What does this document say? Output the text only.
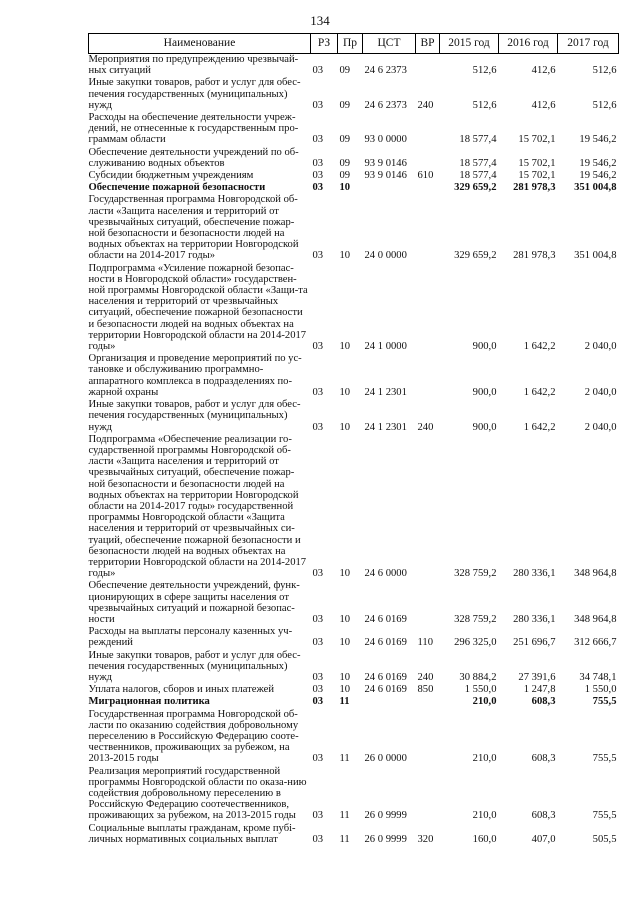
134
Наименование	РЗ	Пр	ЦСТ	ВР	2015 год	2016 год	2017 год
Мероприятия по предупреждению чрезвычай-ных ситуаций	03	09	24 6 2373		512,6	412,6	512,6
Иные закупки товаров, работ и услуг для обес-печения государственных (муниципальных) нужд	03	09	24 6 2373	240	512,6	412,6	512,6
Расходы на обеспечение деятельности учреж-дений, не отнесенные к государственным про-граммам области	03	09	93 0 0000		18 577,4	15 702,1	19 546,2
Обеспечение деятельности учреждений по об-служиванию водных объектов	03	09	93 9 0146		18 577,4	15 702,1	19 546,2
Субсидии бюджетным учреждениям	03	09	93 9 0146	610	18 577,4	15 702,1	19 546,2
Обеспечение пожарной безопасности	03	10			329 659,2	281 978,3	351 004,8
Государственная программа Новгородской об-ласти «Защита населения и территорий от чрезвычайных ситуаций, обеспечение пожар-ной безопасности и безопасности людей на водных объектах на территории Новгородской области на 2014-2017 годы»	03	10	24 0 0000		329 659,2	281 978,3	351 004,8
Подпрограмма «Усиление пожарной безопас-ности в Новгородской области» государствен-ной программы Новгородской области «Защи-та населения и территорий от чрезвычайных ситуаций, обеспечение пожарной безопасности и безопасности людей на водных объектах на территории Новгородской области на 2014-2017 годы»	03	10	24 1 0000		900,0	1 642,2	2 040,0
Организация и проведение мероприятий по ус-тановке и обслуживанию программно-аппаратного комплекса в подразделениях по-жарной охраны	03	10	24 1 2301		900,0	1 642,2	2 040,0
Иные закупки товаров, работ и услуг для обес-печения государственных (муниципальных) нужд	03	10	24 1 2301	240	900,0	1 642,2	2 040,0
Подпрограмма «Обеспечение реализации го-сударственной программы Новгородской об-ласти «Защита населения и территорий от чрезвычайных ситуаций, обеспечение пожар-ной безопасности и безопасности людей на водных объектах на территории Новгородской области на 2014-2017 годы» государственной программы Новгородской области «Защита населения и территорий от чрезвычайных си-туаций, обеспечение пожарной безопасности и безопасности людей на водных объектах на территории Новгородской области на 2014-2017 годы»	03	10	24 6 0000		328 759,2	280 336,1	348 964,8
Обеспечение деятельности учреждений, функ-ционирующих в сфере защиты населения от чрезвычайных ситуаций и пожарной безопас-ности	03	10	24 6 0169		328 759,2	280 336,1	348 964,8
Расходы на выплаты персоналу казенных уч-реждений	03	10	24 6 0169	110	296 325,0	251 696,7	312 666,7
Иные закупки товаров, работ и услуг для обес-печения государственных (муниципальных) нужд	03	10	24 6 0169	240	30 884,2	27 391,6	34 748,1
Уплата налогов, сборов и иных платежей	03	10	24 6 0169	850	1 550,0	1 247,8	1 550,0
Миграционная политика	03	11			210,0	608,3	755,5
Государственная программа Новгородской об-ласти по оказанию содействия добровольному переселению в Российскую Федерацию сооте-чественников, проживающих за рубежом, на 2013-2015 годы	03	11	26 0 0000		210,0	608,3	755,5
Реализация мероприятий государственной программы Новгородской области по оказа-нию содействия добровольному переселению в Российскую Федерацию соотечественников, проживающих за рубежом, на 2013-2015 годы	03	11	26 0 9999		210,0	608,3	755,5
Социальные выплаты гражданам, кроме пубi-личных нормативных социальных выплат	03	11	26 0 9999	320	160,0	407,0	505,5
